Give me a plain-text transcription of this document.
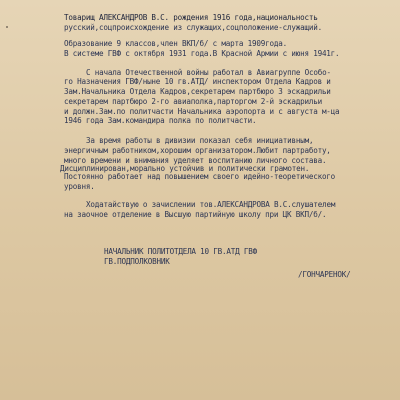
Товарищ АЛЕКСАНДРОВ В.С. рождения 1916 года,национальность
русский,соцпроисхождение из служащих,соцположение-служащий.
Образование 9 классов,член ВКП/б/ с марта 1909года.
В системе ГВФ с октября 1931 года.В Красной Армии с июня 1941г.
С начала Отечественной войны работал в Авиагруппе Особо-
го Назначения ГВФ/ныне 10 гв.АТД/ инспектором Отдела Кадров и
Зам.Начальника Отдела Кадров,секретарем партбюро 3 эскадрильи
секретарем партбюро 2-го авиаполка,парторгом 2-й эскадрильи
и должн.Зам.по политчасти Начальника аэропорта и с августа м-ца
1946 года Зам.командира полка по политчасти.
За время работы в дивизии показал себя инициативным,
энергичным работником,хорошим организатором.Любит партработу,
много времени и внимания уделяет воспитанию личного состава.
Дисциплинирован,морально устойчив и политически грамотен.
Постоянно работает над повышением своего идейно-теоретического
уровня.
Ходатайствую о зачислении тов.АЛЕКСАНДРОВА В.С.слушателем
на заочное отделение в Высшую партийную школу при ЦК ВКП/б/.
НАЧАЛЬНИК ПОЛИТОТДЕЛА 10 ГВ.АТД ГВФ
ГВ.ПОДПОЛКОВНИК
/ГОНЧАРЕНОК/
